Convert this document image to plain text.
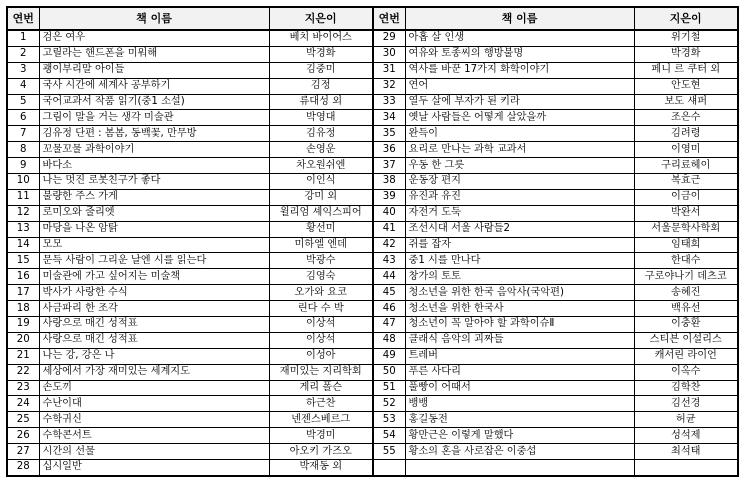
연번	책 이름	지은이	연번	책 이름	지은이
1	검은 여우	베치 바이어스	29	아홉 살 인생	위기철
2	고릴라는 핸드폰을 미워해	박경화	30	여유와 토종씨의 행방불명	박경화
3	괭이부리말 아이들	김중미	31	역사를 바꾼 17가지 화학이야기	페니 르 쿠터 외
4	국사 시간에 세계사 공부하기	김정	32	연어	안도현
5	국어교과서 작품 읽기(중1 소설)	류대성 외	33	열두 살에 부자가 된 키라	보도 섀퍼
6	그림이 말을 거는 생각 미술관	박영대	34	옛날 사람들은 어떻게 살았을까	조은수
7	김유정 단편 : 봄봄, 동백꽃, 만무방	김유정	35	완득이	김려령
8	꼬물꼬물 과학이야기	손영운	36	요리로 만나는 과학 교과서	이영미
9	바다소	차오원쉬엔	37	우동 한 그릇	구리료헤이
10	나는 멋진 로봇친구가 좋다	이인식	38	운동장 편지	복효근
11	불량한 주스 가게	강미 외	39	유진과 유진	이금이
12	로미오와 줄리엣	윌리엄 셰익스피어	40	자전거 도둑	박완서
13	마당을 나온 암탉	황선미	41	조선시대 서울 사람들2	서울문학사학회
14	모모	미하엘 엔데	42	쥐를 잡자	임태희
15	문득 사람이 그리운 날엔 시를 읽는다	박광수	43	중1 시를 만나다	한대수
16	미술관에 가고 싶어지는 미술책	김영숙	44	창가의 토토	구로야나기 데츠코
17	박사가 사랑한 수식	오가와 요코	45	청소년을 위한 한국 음악사(국악편)	송혜진
18	사금파리 한 조각	린다 수 박	46	청소년을 위한 한국사	백유선
19	사랑으로 매긴 성적표	이상석	47	청소년이 꼭 알아야 할 과학이슈Ⅱ	이충환
20	사랑으로 매긴 성적표	이상석	48	클래식 음악의 괴짜들	스티븐 이설리스
21	나는 강, 강은 나	이성아	49	트레버	캐서린 라이언
22	세상에서 가장 재미있는 세계지도	재미있는 지리학회	50	푸른 사다리	이옥수
23	손도끼	게리 폴슨	51	풀빵이 어때서	김학찬
24	수난이대	하근찬	52	뱅뱅	김선경
25	수학귀신	넨젠스베르그	53	홍길동전	허균
26	수학콘서트	박경미	54	황만근은 이렇게 말했다	성석제
27	시간의 선물	아오키 가즈오	55	황소의 혼을 사로잡은 이중섭	최석태
28	십시일반	박재동 외			
